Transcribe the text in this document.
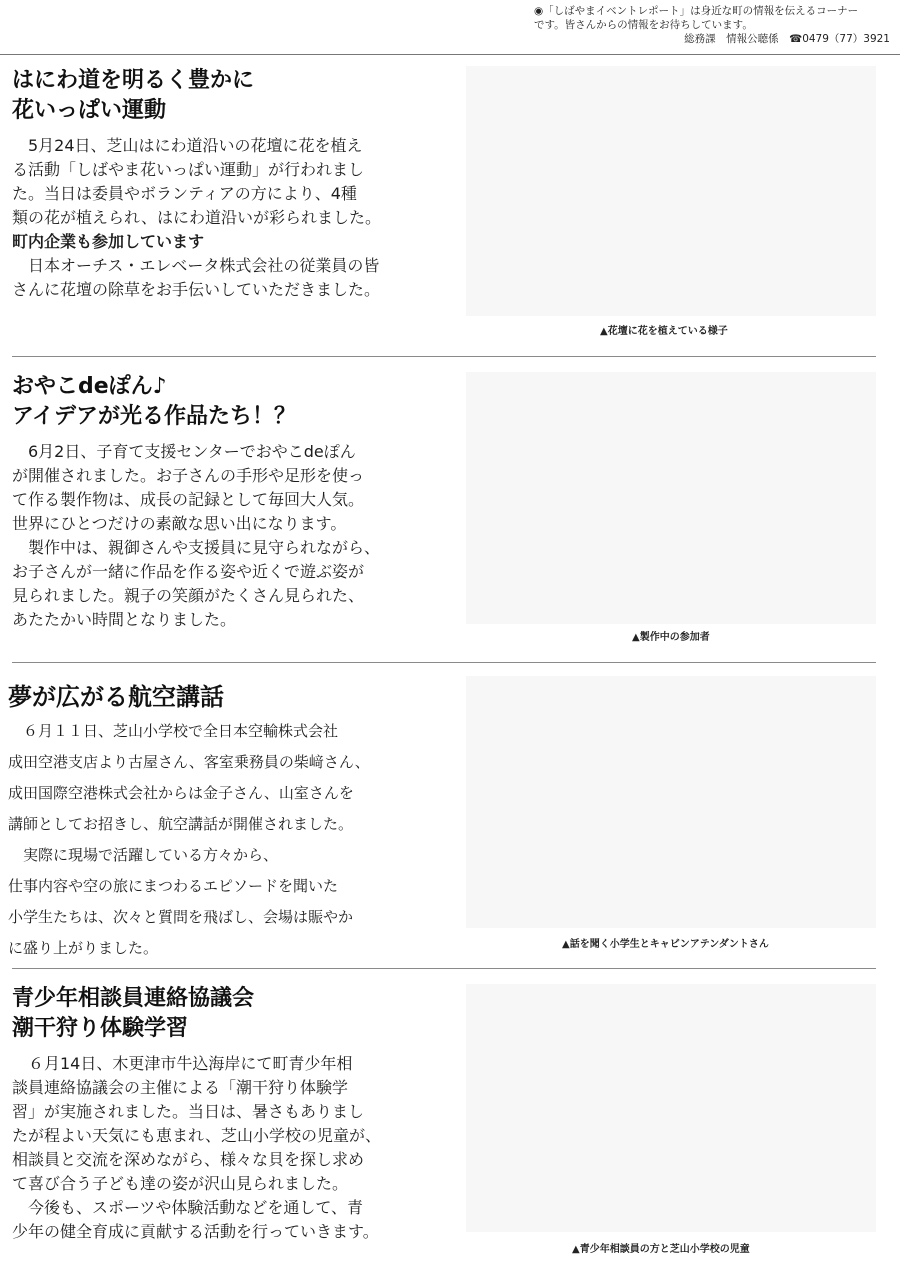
◉「しばやまイベントレポート」は身近な町の情報を伝えるコーナー
です。皆さんからの情報をお待ちしています。
総務課　情報公聴係　☎0479（77）3921
はにわ道を明るく豊かに
花いっぱい運動
　5月24日、芝山はにわ道沿いの花壇に花を植え
る活動「しばやま花いっぱい運動」が行われまし
た。当日は委員やボランティアの方により、4種
類の花が植えられ、はにわ道沿いが彩られました。
町内企業も参加しています
　日本オーチス・エレベータ株式会社の従業員の皆
さんに花壇の除草をお手伝いしていただきました。
▲花壇に花を植えている様子
おやこdeぽん♪
アイデアが光る作品たち！？
　6月2日、子育て支援センターでおやこdeぽん
が開催されました。お子さんの手形や足形を使っ
て作る製作物は、成長の記録として毎回大人気。
世界にひとつだけの素敵な思い出になります。
　製作中は、親御さんや支援員に見守られながら、
お子さんが一緒に作品を作る姿や近くで遊ぶ姿が
見られました。親子の笑顔がたくさん見られた、
あたたかい時間となりました。
▲製作中の参加者
夢が広がる航空講話
　６月１１日、芝山小学校で全日本空輸株式会社
成田空港支店より古屋さん、客室乗務員の柴﨑さん、
成田国際空港株式会社からは金子さん、山室さんを
講師としてお招きし、航空講話が開催されました。
　実際に現場で活躍している方々から、
仕事内容や空の旅にまつわるエピソードを聞いた
小学生たちは、次々と質問を飛ばし、会場は賑やか
に盛り上がりました。	▲話を聞く小学生とキャビンアテンダントさん
青少年相談員連絡協議会
潮干狩り体験学習
　６月14日、木更津市牛込海岸にて町青少年相
談員連絡協議会の主催による「潮干狩り体験学
習」が実施されました。当日は、暑さもありまし
たが程よい天気にも恵まれ、芝山小学校の児童が、
相談員と交流を深めながら、様々な貝を探し求め
て喜び合う子ども達の姿が沢山見られました。
　今後も、スポーツや体験活動などを通して、青
少年の健全育成に貢献する活動を行っていきます。
▲青少年相談員の方と芝山小学校の児童
